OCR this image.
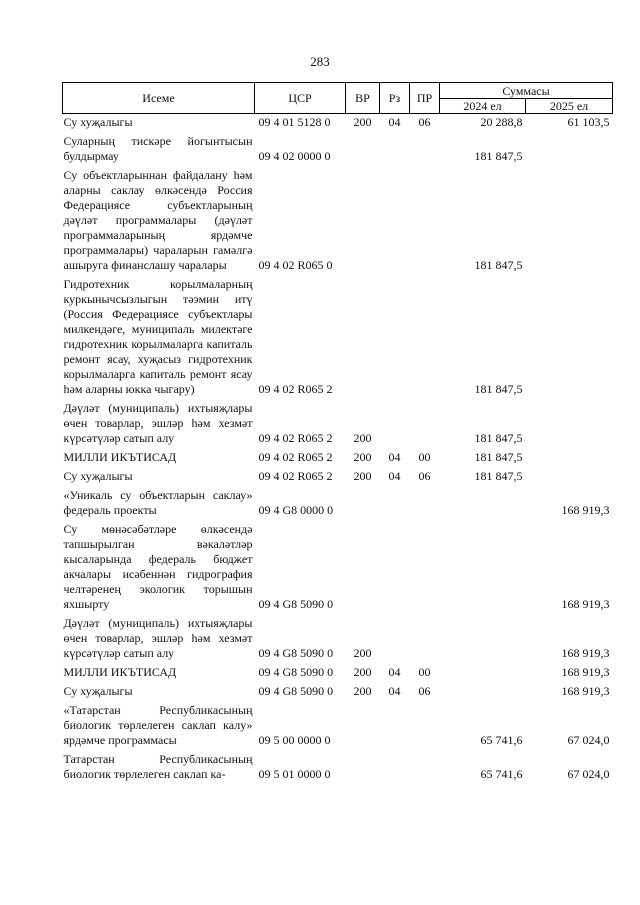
283
Исеме	ЦСР	ВР	Рз	ПР	Суммасы	
					2024 ел	2025 ел
Су хуҗалыгы	09 4 01 5128 0	200	04	06	20 288,8	61 103,5
Суларның тискәре йогынтысын булдырмау	09 4 02 0000 0				181 847,5	
Су объектларыннан файдалану һәм аларны саклау өлкәсендә Россия Федерациясе субъектларының дәүләт программалары (дәүләт программаларының ярдәмче программалары) чараларын гамәлгә ашыруга финанслашу чаралары	09 4 02 R065 0				181 847,5	
Гидротехник корылмаларның куркынычсызлыгын тәэмин итү (Россия Федерациясе субъектлары милкендәге, муниципаль милектәге гидротехник корылмаларга капиталь ремонт ясау, хуҗасыз гидротехник корылмаларга капиталь ремонт ясау һәм аларны юкка чыгару)	09 4 02 R065 2				181 847,5	
Дәүләт (муниципаль) ихтыяҗлары өчен товарлар, эшләр һәм хезмәт күрсәтүләр сатып алу	09 4 02 R065 2	200			181 847,5	
МИЛЛИ ИКЪТИСАД	09 4 02 R065 2	200	04	00	181 847,5	
Су хуҗалыгы	09 4 02 R065 2	200	04	06	181 847,5	
«Уникаль су объектларын саклау» федераль проекты	09 4 G8 0000 0					168 919,3
Су мөнәсәбәтләре өлкәсендә тапшырылган вәкаләтләр кысаларында федераль бюджет акчалары исәбеннән гидрография челтәренең экологик торышын яхшырту	09 4 G8 5090 0					168 919,3
Дәүләт (муниципаль) ихтыяҗлары өчен товарлар, эшләр һәм хезмәт күрсәтүләр сатып алу	09 4 G8 5090 0	200				168 919,3
МИЛЛИ ИКЪТИСАД	09 4 G8 5090 0	200	04	00		168 919,3
Су хуҗалыгы	09 4 G8 5090 0	200	04	06		168 919,3
«Татарстан Республикасының биологик төрлелеген саклап калу» ярдәмче программасы	09 5 00 0000 0				65 741,6	67 024,0
Татарстан Республикасының биологик төрлелеген саклап ка-	09 5 01 0000 0				65 741,6	67 024,0
